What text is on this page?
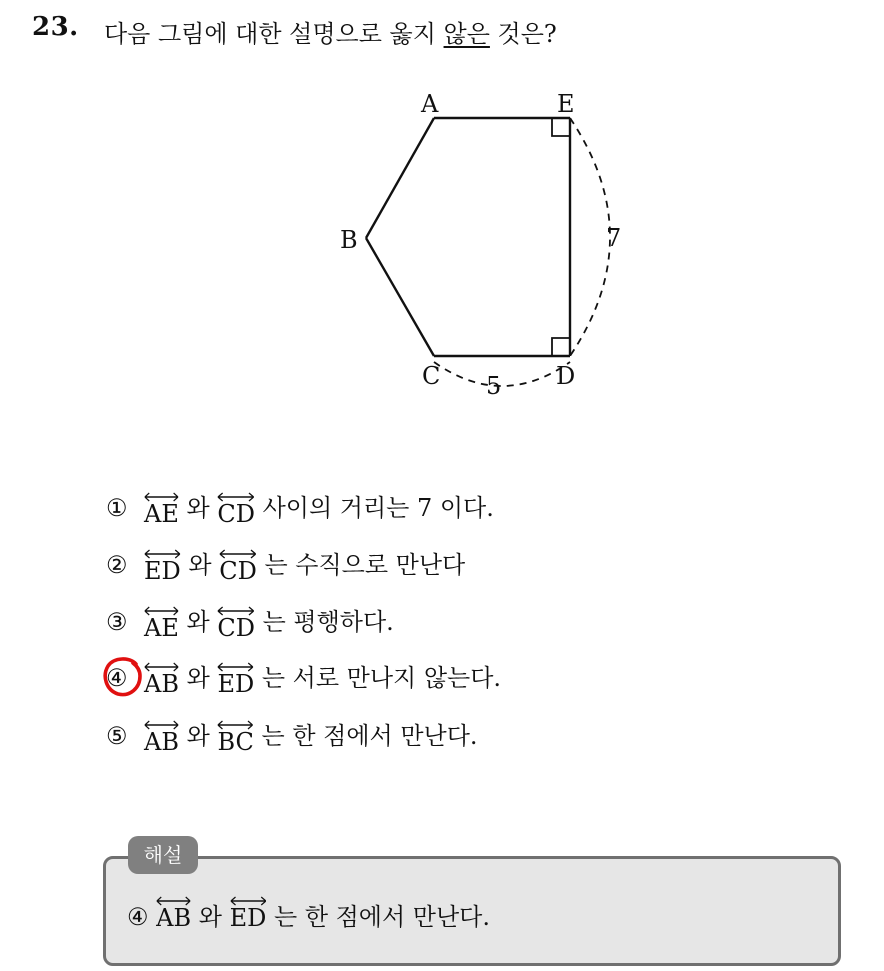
23. 다음 그림에 대한 설명으로 옳지 않은 것은?
A
B
C	D
E
7
5
① AE 와 CD 사이의 거리는 7 이다.
② ED 와 CD 는 수직으로 만난다
③ AE 와 CD 는 평행하다.
④ AB 와 ED 는 서로 만나지 않는다.
⑤ AB 와 BC 는 한 점에서 만난다.
해설
④ AB 와 ED 는 한 점에서 만난다.
